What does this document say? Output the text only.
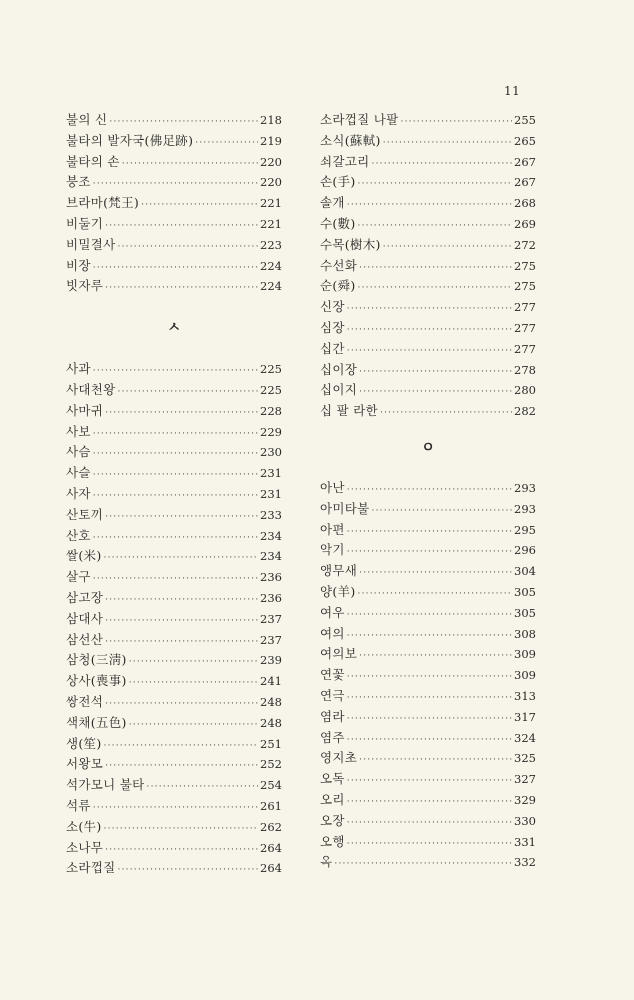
11
불의 신 ·····	218
불타의 발자국(佛足跡) ·····	219
불타의 손 ·····	220
붕조 ·····	220
브라마(梵王) ·····	221
비둘기 ·····	221
비밀결사 ·····	223
비장 ·····	224
빗자루 ·····	224
ㅅ
사과 ·····	225
사대천왕 ·····	225
사마귀 ·····	228
사보 ·····	229
사슴 ·····	230
사슬 ·····	231
사자 ·····	231
산토끼 ·····	233
산호 ·····	234
쌀(米) ·····	234
살구 ·····	236
삼고장 ·····	236
삼대사 ·····	237
삼선산 ·····	237
삼청(三淸) ·····	239
상사(喪事) ·····	241
쌍전석 ·····	248
색채(五色) ·····	248
생(笙) ·····	251
서왕모 ·····	252
석가모니 불타 ·····	254
석류 ·····	261
소(牛) ·····	262
소나무 ·····	264
소라껍질 ·····	264
소라껍질 나팔 ·····	255
소식(蘇軾) ·····	265
쇠갈고리 ·····	267
손(手) ·····	267
솔개 ·····	268
수(數) ·····	269
수목(樹木) ·····	272
수선화 ·····	275
순(舜) ·····	275
신장 ·····	277
심장 ·····	277
십간 ·····	277
십이장 ·····	278
십이지 ·····	280
십 팔 라한 ·····	282
ㅇ
아난 ·····	293
아미타불 ·····	293
아편 ·····	295
악기 ·····	296
앵무새 ·····	304
양(羊) ·····	305
여우 ·····	305
여의 ·····	308
여의보 ·····	309
연꽃 ·····	309
연극 ·····	313
염라 ·····	317
염주 ·····	324
영지초 ·····	325
오독 ·····	327
오리 ·····	329
오장 ·····	330
오행 ·····	331
옥 ·····	332
